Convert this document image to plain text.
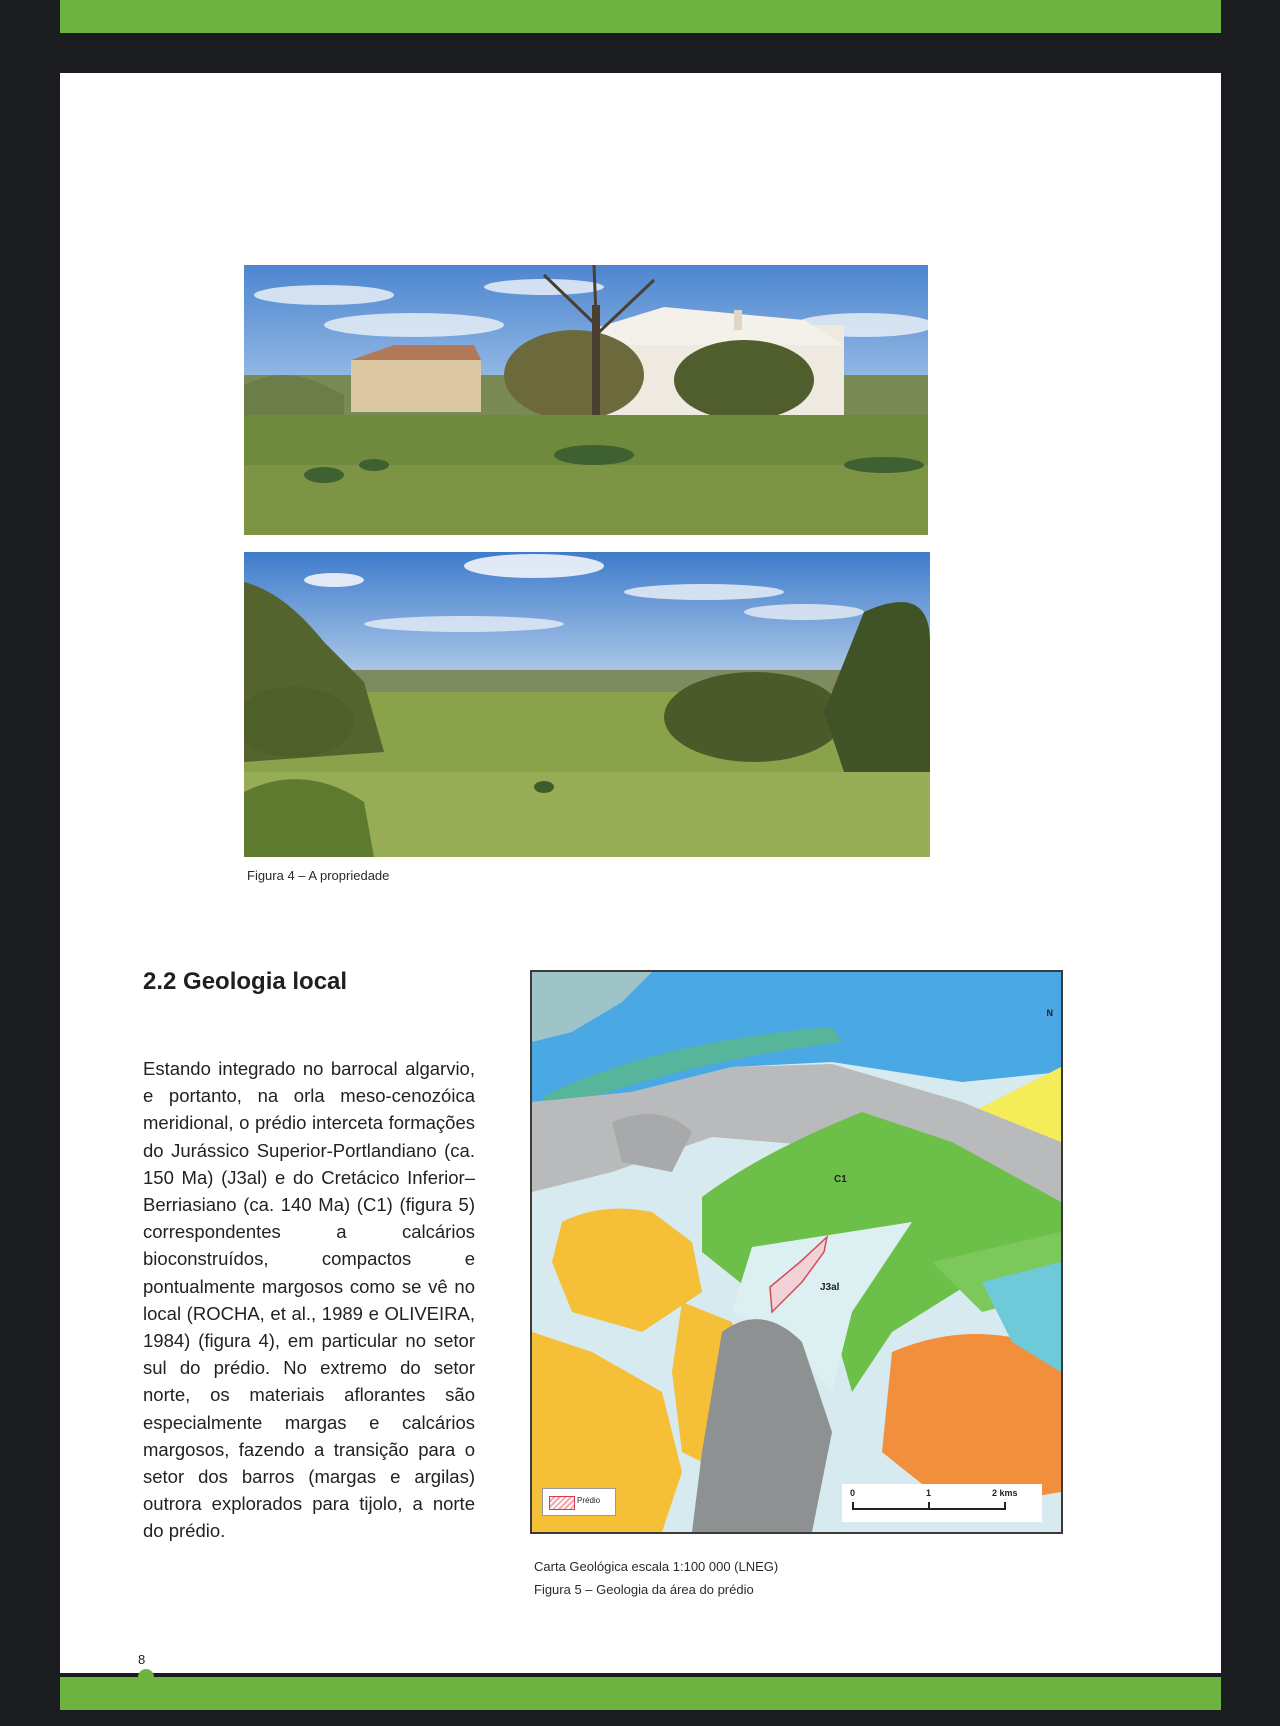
Figura 4 – A propriedade
2.2 Geologia local
Estando integrado no barrocal algarvio, e portanto, na orla meso-cenozóica meridional, o prédio interceta formações do Jurássico Superior-Portlandiano (ca. 150 Ma) (J3al) e do Cretácico Inferior–Berriasiano (ca. 140 Ma) (C1) (figura 5) correspondentes a calcários bioconstruídos, compactos e pontualmente margosos como se vê no local (ROCHA, et al., 1989 e OLIVEIRA, 1984) (figura 4), em particular no setor sul do prédio. No extremo do setor norte, os materiais aflorantes são especialmente margas e calcários margosos, fazendo a transição para o setor dos barros (margas e argilas) outrora explorados para tijolo, a norte do prédio.
C1
J3al
N
Prédio
0	1	2 kms
Carta Geológica escala 1:100 000 (LNEG)
Figura 5 – Geologia da área do prédio
8
